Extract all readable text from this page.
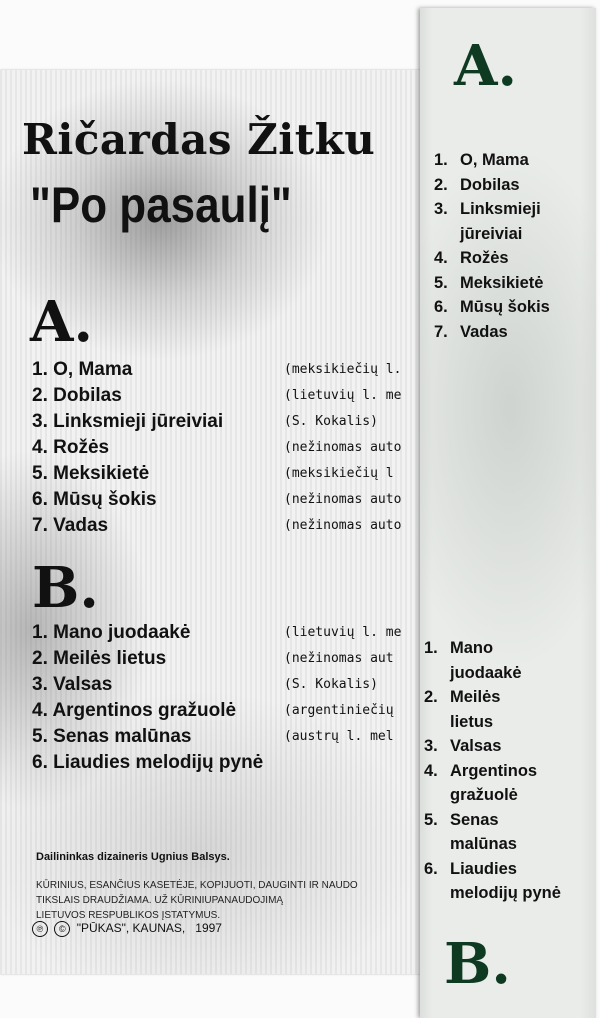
Ričardas Žitku
"Po pasaulį"
A.
1. O, Mama	(meksikiečių l.
2. Dobilas	(lietuvių l. me
3. Linksmieji jūreiviai	(S. Kokalis)
4. Rožės	(nežinomas auto
5. Meksikietė	(meksikiečių l
6. Mūsų šokis	(nežinomas auto
7. Vadas	(nežinomas auto
B.
1. Mano juodaakė	(lietuvių l. me
2. Meilės lietus	(nežinomas aut
3. Valsas	(S. Kokalis)
4. Argentinos gražuolė	(argentiniečių
5. Senas malūnas	(austrų l. mel
6. Liaudies melodijų pynė
Dailininkas dizaineris Ugnius Balsys.
KŪRINIUS, ESANČIUS KASETĖJE, KOPIJUOTI, DAUGINTI IR NAUDO
TIKSLAIS DRAUDŽIAMA. UŽ KŪRINIUPANAUDOJIMĄ
LIETUVOS RESPUBLIKOS ĮSTATYMUS.
℗ © "PŪKAS", KAUNAS, 1997
A.
1. O, Mama
2. Dobilas
3. Linksmieji
jūreiviai
4. Rožės
5. Meksikietė
6. Mūsų šokis
7. Vadas
1. Mano
juodaakė
2. Meilės
lietus
3. Valsas
4. Argentinos
gražuolė
5. Senas
malūnas
6. Liaudies
melodijų pynė
B.
